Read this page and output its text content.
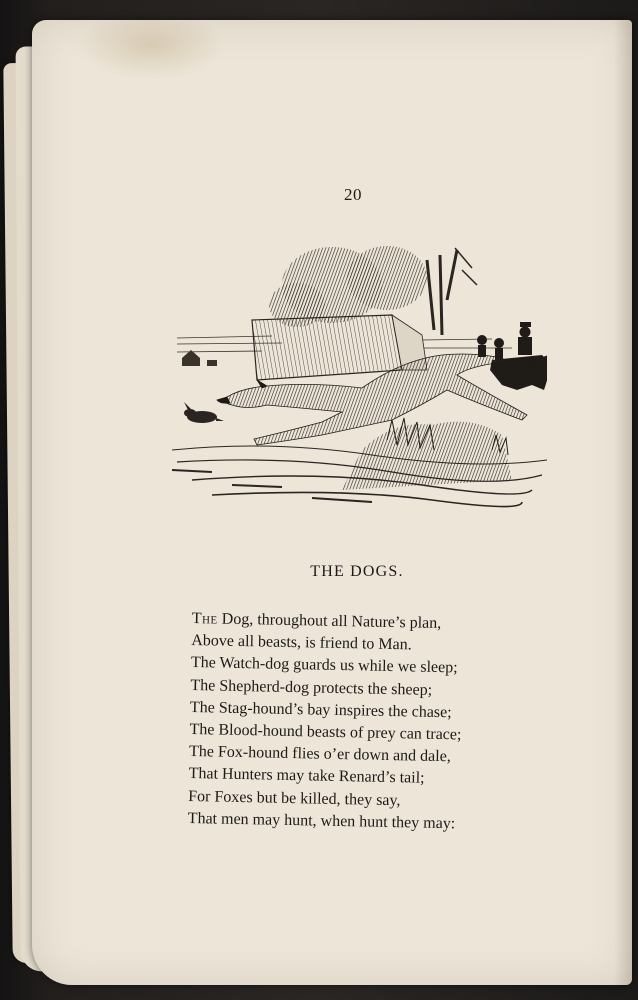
20
THE DOGS.
The Dog, throughout all Nature’s plan,
Above all beasts, is friend to Man.
The Watch-dog guards us while we sleep;
The Shepherd-dog protects the sheep;
The Stag-hound’s bay inspires the chase;
The Blood-hound beasts of prey can trace;
The Fox-hound flies o’er down and dale,
That Hunters may take Renard’s tail;
For Foxes but be killed, they say,
That men may hunt, when hunt they may:
